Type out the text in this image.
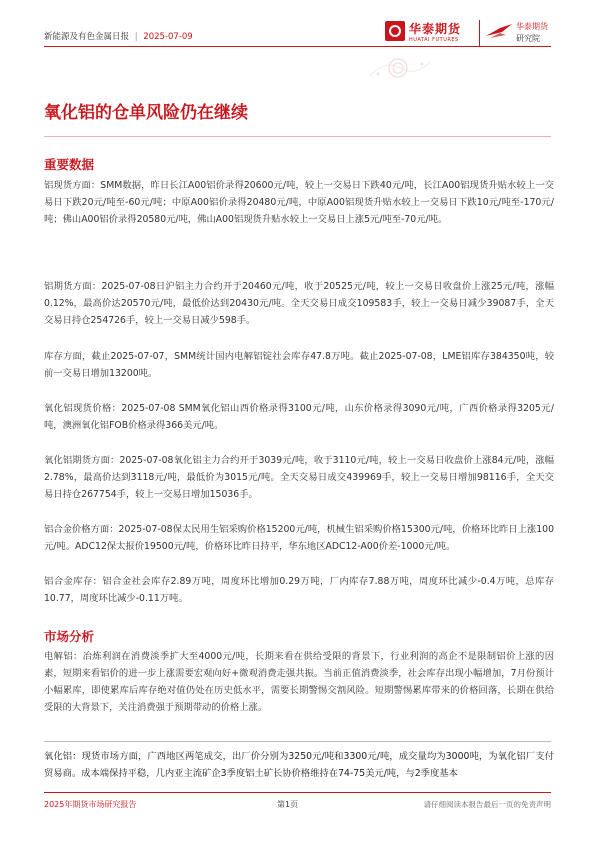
新能源及有色金属日报 | 2025-07-09
华泰期货
HUATAI FUTURES
华泰期货
研究院
氧化铝的仓单风险仍在继续
重要数据
铝现货方面：SMM数据，昨日长江A00铝价录得20600元/吨，较上一交易日下跌40元/吨，长江A00铝现货升贴水较上一交易日下跌20元/吨至-60元/吨；中原A00铝价录得20480元/吨，中原A00铝现货升贴水较上一交易日下跌10元/吨至-170元/吨；佛山A00铝价录得20580元/吨，佛山A00铝现货升贴水较上一交易日上涨5元/吨至-70元/吨。
铝期货方面：2025-07-08日沪铝主力合约开于20460元/吨，收于20525元/吨，较上一交易日收盘价上涨25元/吨，涨幅0.12%，最高价达20570元/吨，最低价达到20430元/吨。全天交易日成交109583手，较上一交易日减少39087手，全天交易日持仓254726手，较上一交易日减少598手。
库存方面，截止2025-07-07，SMM统计国内电解铝锭社会库存47.8万吨。截止2025-07-08，LME铝库存384350吨，较前一交易日增加13200吨。
氧化铝现货价格：2025-07-08 SMM氧化铝山西价格录得3100元/吨，山东价格录得3090元/吨，广西价格录得3205元/吨，澳洲氧化铝FOB价格录得366美元/吨。
氧化铝期货方面：2025-07-08氧化铝主力合约开于3039元/吨，收于3110元/吨，较上一交易日收盘价上涨84元/吨，涨幅2.78%，最高价达到3118元/吨，最低价为3015元/吨。全天交易日成交439969手，较上一交易日增加98116手，全天交易日持仓267754手，较上一交易日增加15036手。
铝合金价格方面：2025-07-08保太民用生铝采购价格15200元/吨，机械生铝采购价格15300元/吨，价格环比昨日上涨100元/吨。ADC12保太报价19500元/吨，价格环比昨日持平，华东地区ADC12-A00价差-1000元/吨。
铝合金库存：铝合金社会库存2.89万吨，周度环比增加0.29万吨，厂内库存7.88万吨，周度环比减少-0.4万吨，总库存10.77，周度环比减少-0.11万吨。
市场分析
电解铝：冶炼利润在消费淡季扩大至4000元/吨，长期来看在供给受限的背景下，行业利润的高企不是限制铝价上涨的因素，短期来看铝价的进一步上涨需要宏观向好+微观消费走强共振。当前正值消费淡季，社会库存出现小幅增加，7月份预计小幅累库，即使累库后库存绝对值仍处在历史低水平，需要长期警惕交割风险。短期警惕累库带来的价格回落，长期在供给受限的大背景下，关注消费强于预期带动的价格上涨。
氧化铝：现货市场方面，广西地区两笔成交，出厂价分别为3250元/吨和3300元/吨，成交量均为3000吨，为氧化铝厂支付贸易商。成本端保持平稳，几内亚主流矿企3季度铝土矿长协价格维持在74-75美元/吨，与2季度基本
2025年期货市场研究报告	第1页	请仔细阅读本报告最后一页的免责声明
